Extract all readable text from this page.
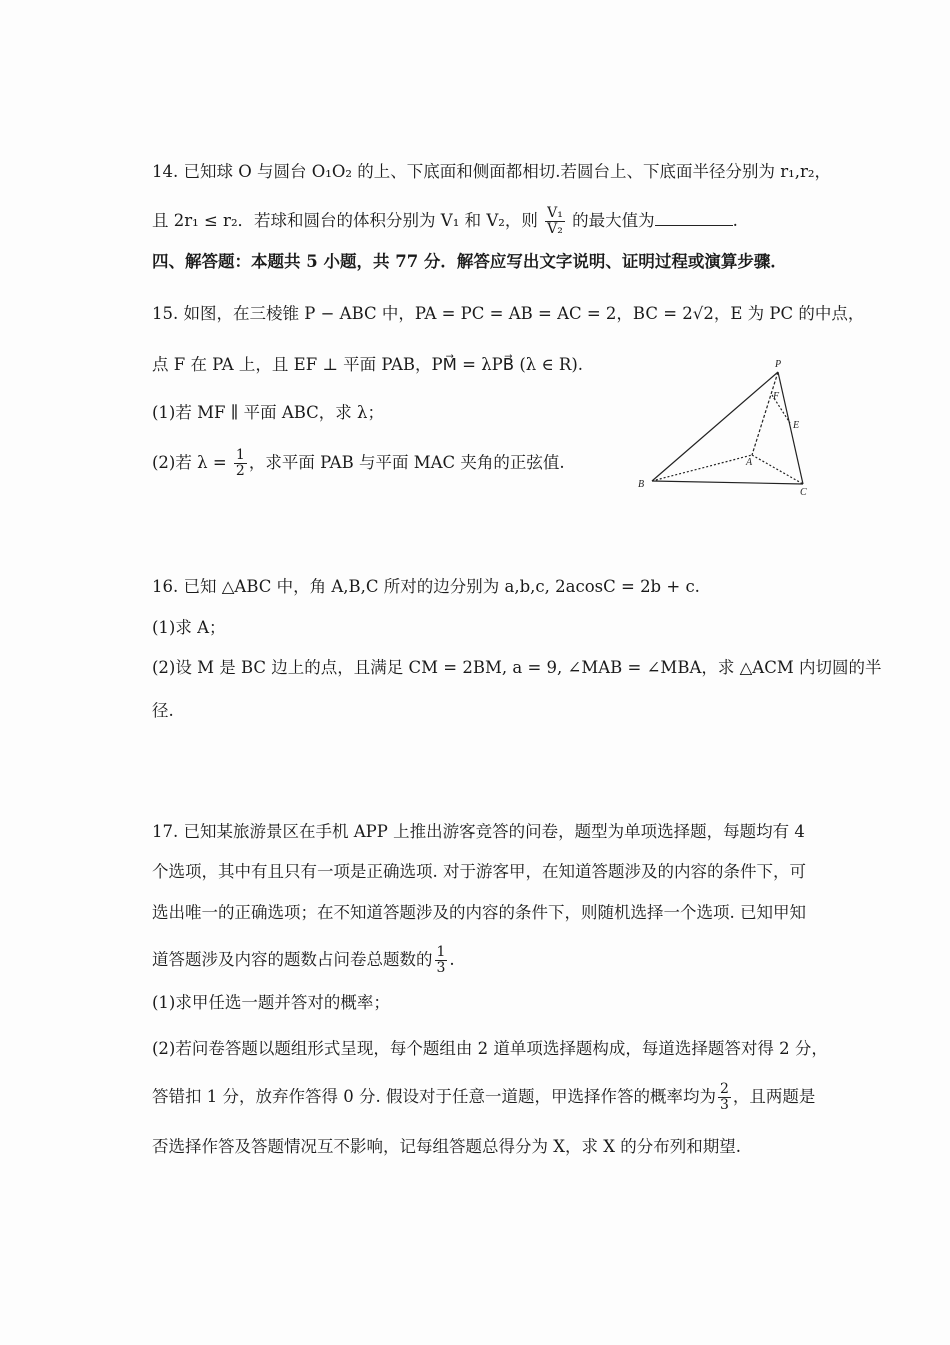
14. 已知球 O 与圆台 O₁O₂ 的上、下底面和侧面都相切.若圆台上、下底面半径分别为 r₁,r₂，
且 2r₁ ≤ r₂．若球和圆台的体积分别为 V₁ 和 V₂，则 $\frac{\text{V₁}}{\text{V₂}}$ 的最大值为	.
四、解答题：本题共 5 小题，共 77 分．解答应写出文字说明、证明过程或演算步骤．
15. 如图，在三棱锥 P − ABC 中，PA = PC = AB = AC = 2，BC = 2√2，E 为 PC 的中点，
点 F 在 PA 上，且 EF ⊥ 平面 PAB，PM⃗ = λPB⃗ (λ ∈ R).
(1)若 MF ∥ 平面 ABC，求 λ；
(2)若 $\lambda = \frac{1}{2}$ ，求平面 PAB 与平面 MAC 夹角的正弦值.
P
F
E
A
B
C
16. 已知 △ABC 中，角 A,B,C 所对的边分别为 a,b,c, 2acosC = 2b + c.
(1)求 A；
(2)设 M 是 BC 边上的点，且满足 CM = 2BM, a = 9, ∠MAB = ∠MBA，求 △ACM 内切圆的半
径.
17. 已知某旅游景区在手机 APP 上推出游客竞答的问卷，题型为单项选择题，每题均有 4
个选项，其中有且只有一项是正确选项. 对于游客甲，在知道答题涉及的内容的条件下，可
选出唯一的正确选项；在不知道答题涉及的内容的条件下，则随机选择一个选项. 已知甲知
道答题涉及内容的题数占问卷总题数的 $\frac{1}{3}$ .
(1)求甲任选一题并答对的概率；
(2)若问卷答题以题组形式呈现，每个题组由 2 道单项选择题构成，每道选择题答对得 2 分，
答错扣 1 分，放弃作答得 0 分. 假设对于任意一道题，甲选择作答的概率均为 $\frac{2}{3}$ ，且两题是
否选择作答及答题情况互不影响，记每组答题总得分为 X，求 X 的分布列和期望.
